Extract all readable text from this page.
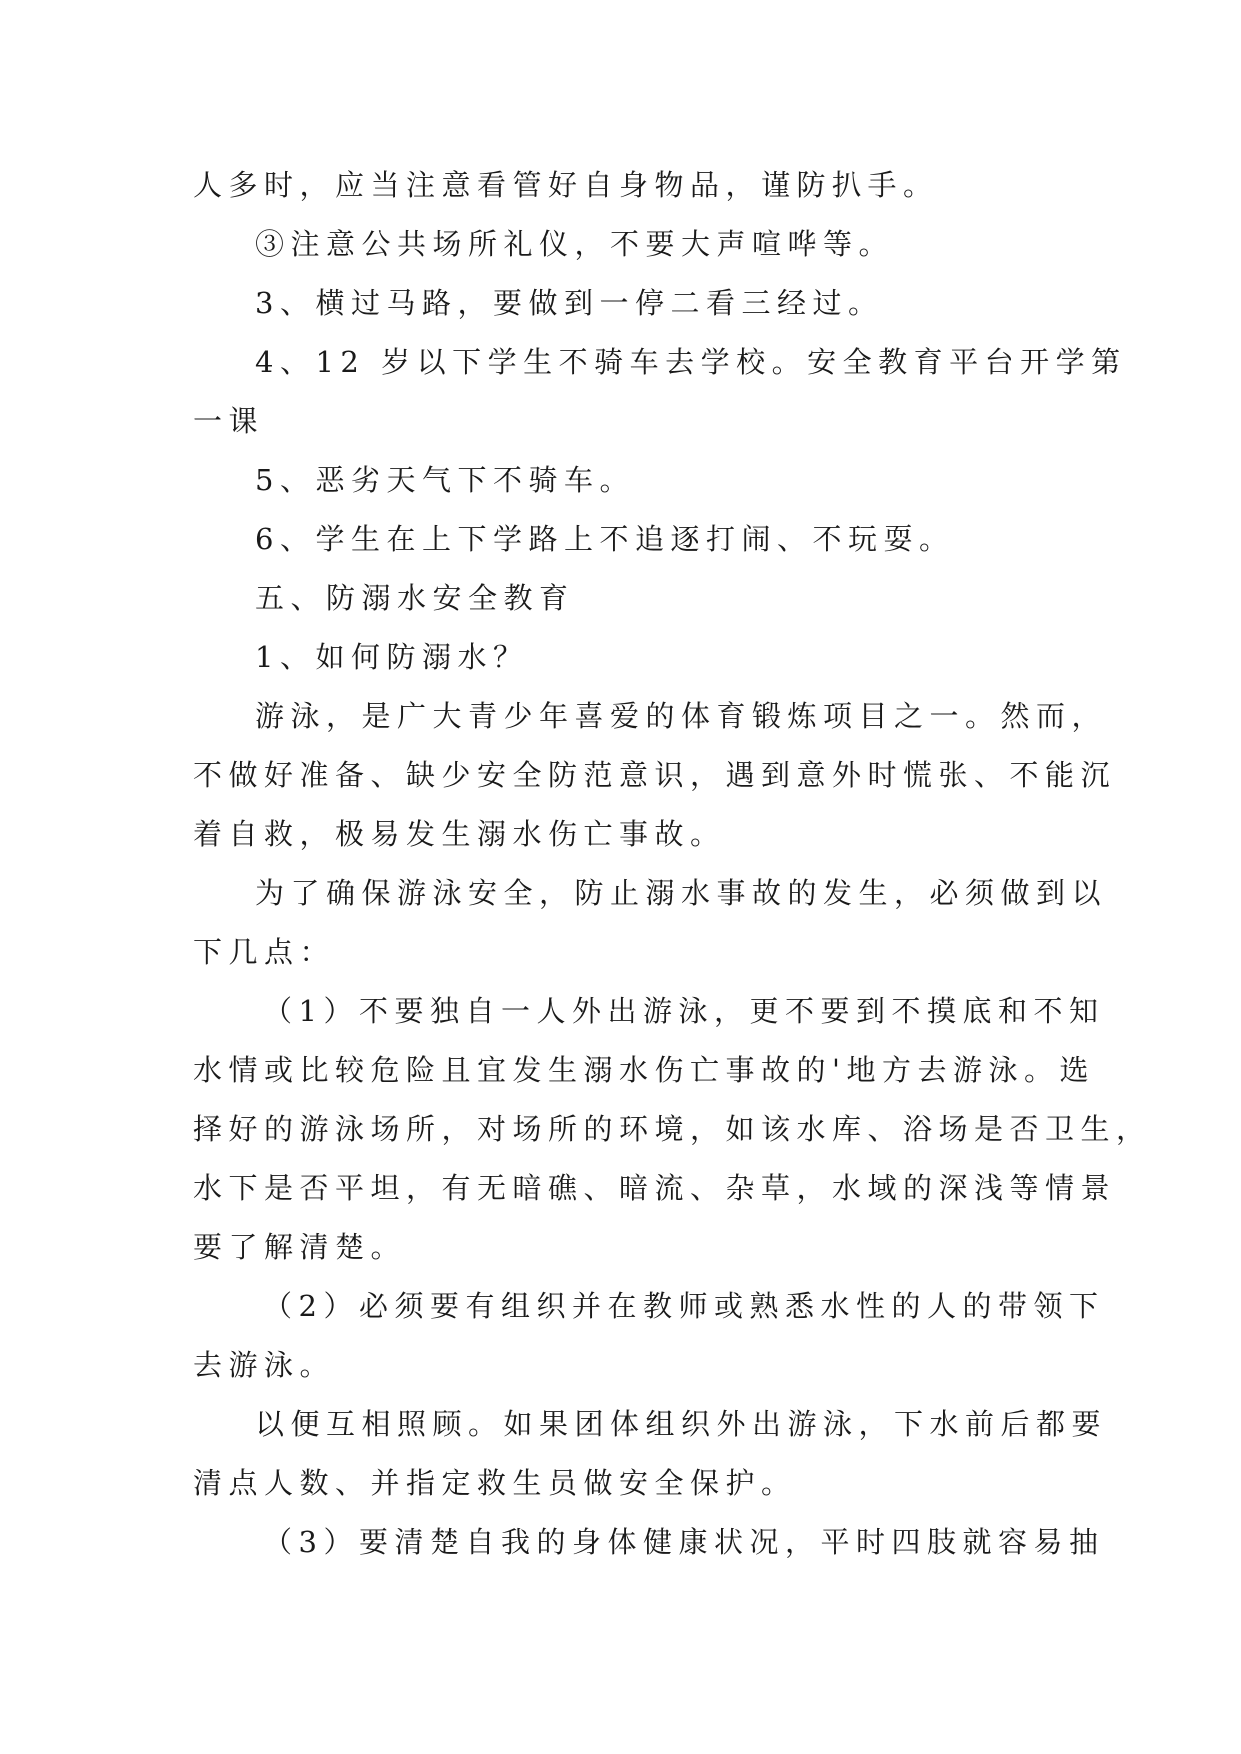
人多时，应当注意看管好自身物品，谨防扒手。
③注意公共场所礼仪，不要大声喧哗等。
3、横过马路，要做到一停二看三经过。
4、12 岁以下学生不骑车去学校。安全教育平台开学第
一课
5、恶劣天气下不骑车。
6、学生在上下学路上不追逐打闹、不玩耍。
五、防溺水安全教育
1、如何防溺水？
游泳，是广大青少年喜爱的体育锻炼项目之一。然而，
不做好准备、缺少安全防范意识，遇到意外时慌张、不能沉
着自救，极易发生溺水伤亡事故。
为了确保游泳安全，防止溺水事故的发生，必须做到以
下几点：
（1）不要独自一人外出游泳，更不要到不摸底和不知
水情或比较危险且宜发生溺水伤亡事故的'地方去游泳。选
择好的游泳场所，对场所的环境，如该水库、浴场是否卫生，
水下是否平坦，有无暗礁、暗流、杂草，水域的深浅等情景
要了解清楚。
（2）必须要有组织并在教师或熟悉水性的人的带领下
去游泳。
以便互相照顾。如果团体组织外出游泳，下水前后都要
清点人数、并指定救生员做安全保护。
（3）要清楚自我的身体健康状况，平时四肢就容易抽
